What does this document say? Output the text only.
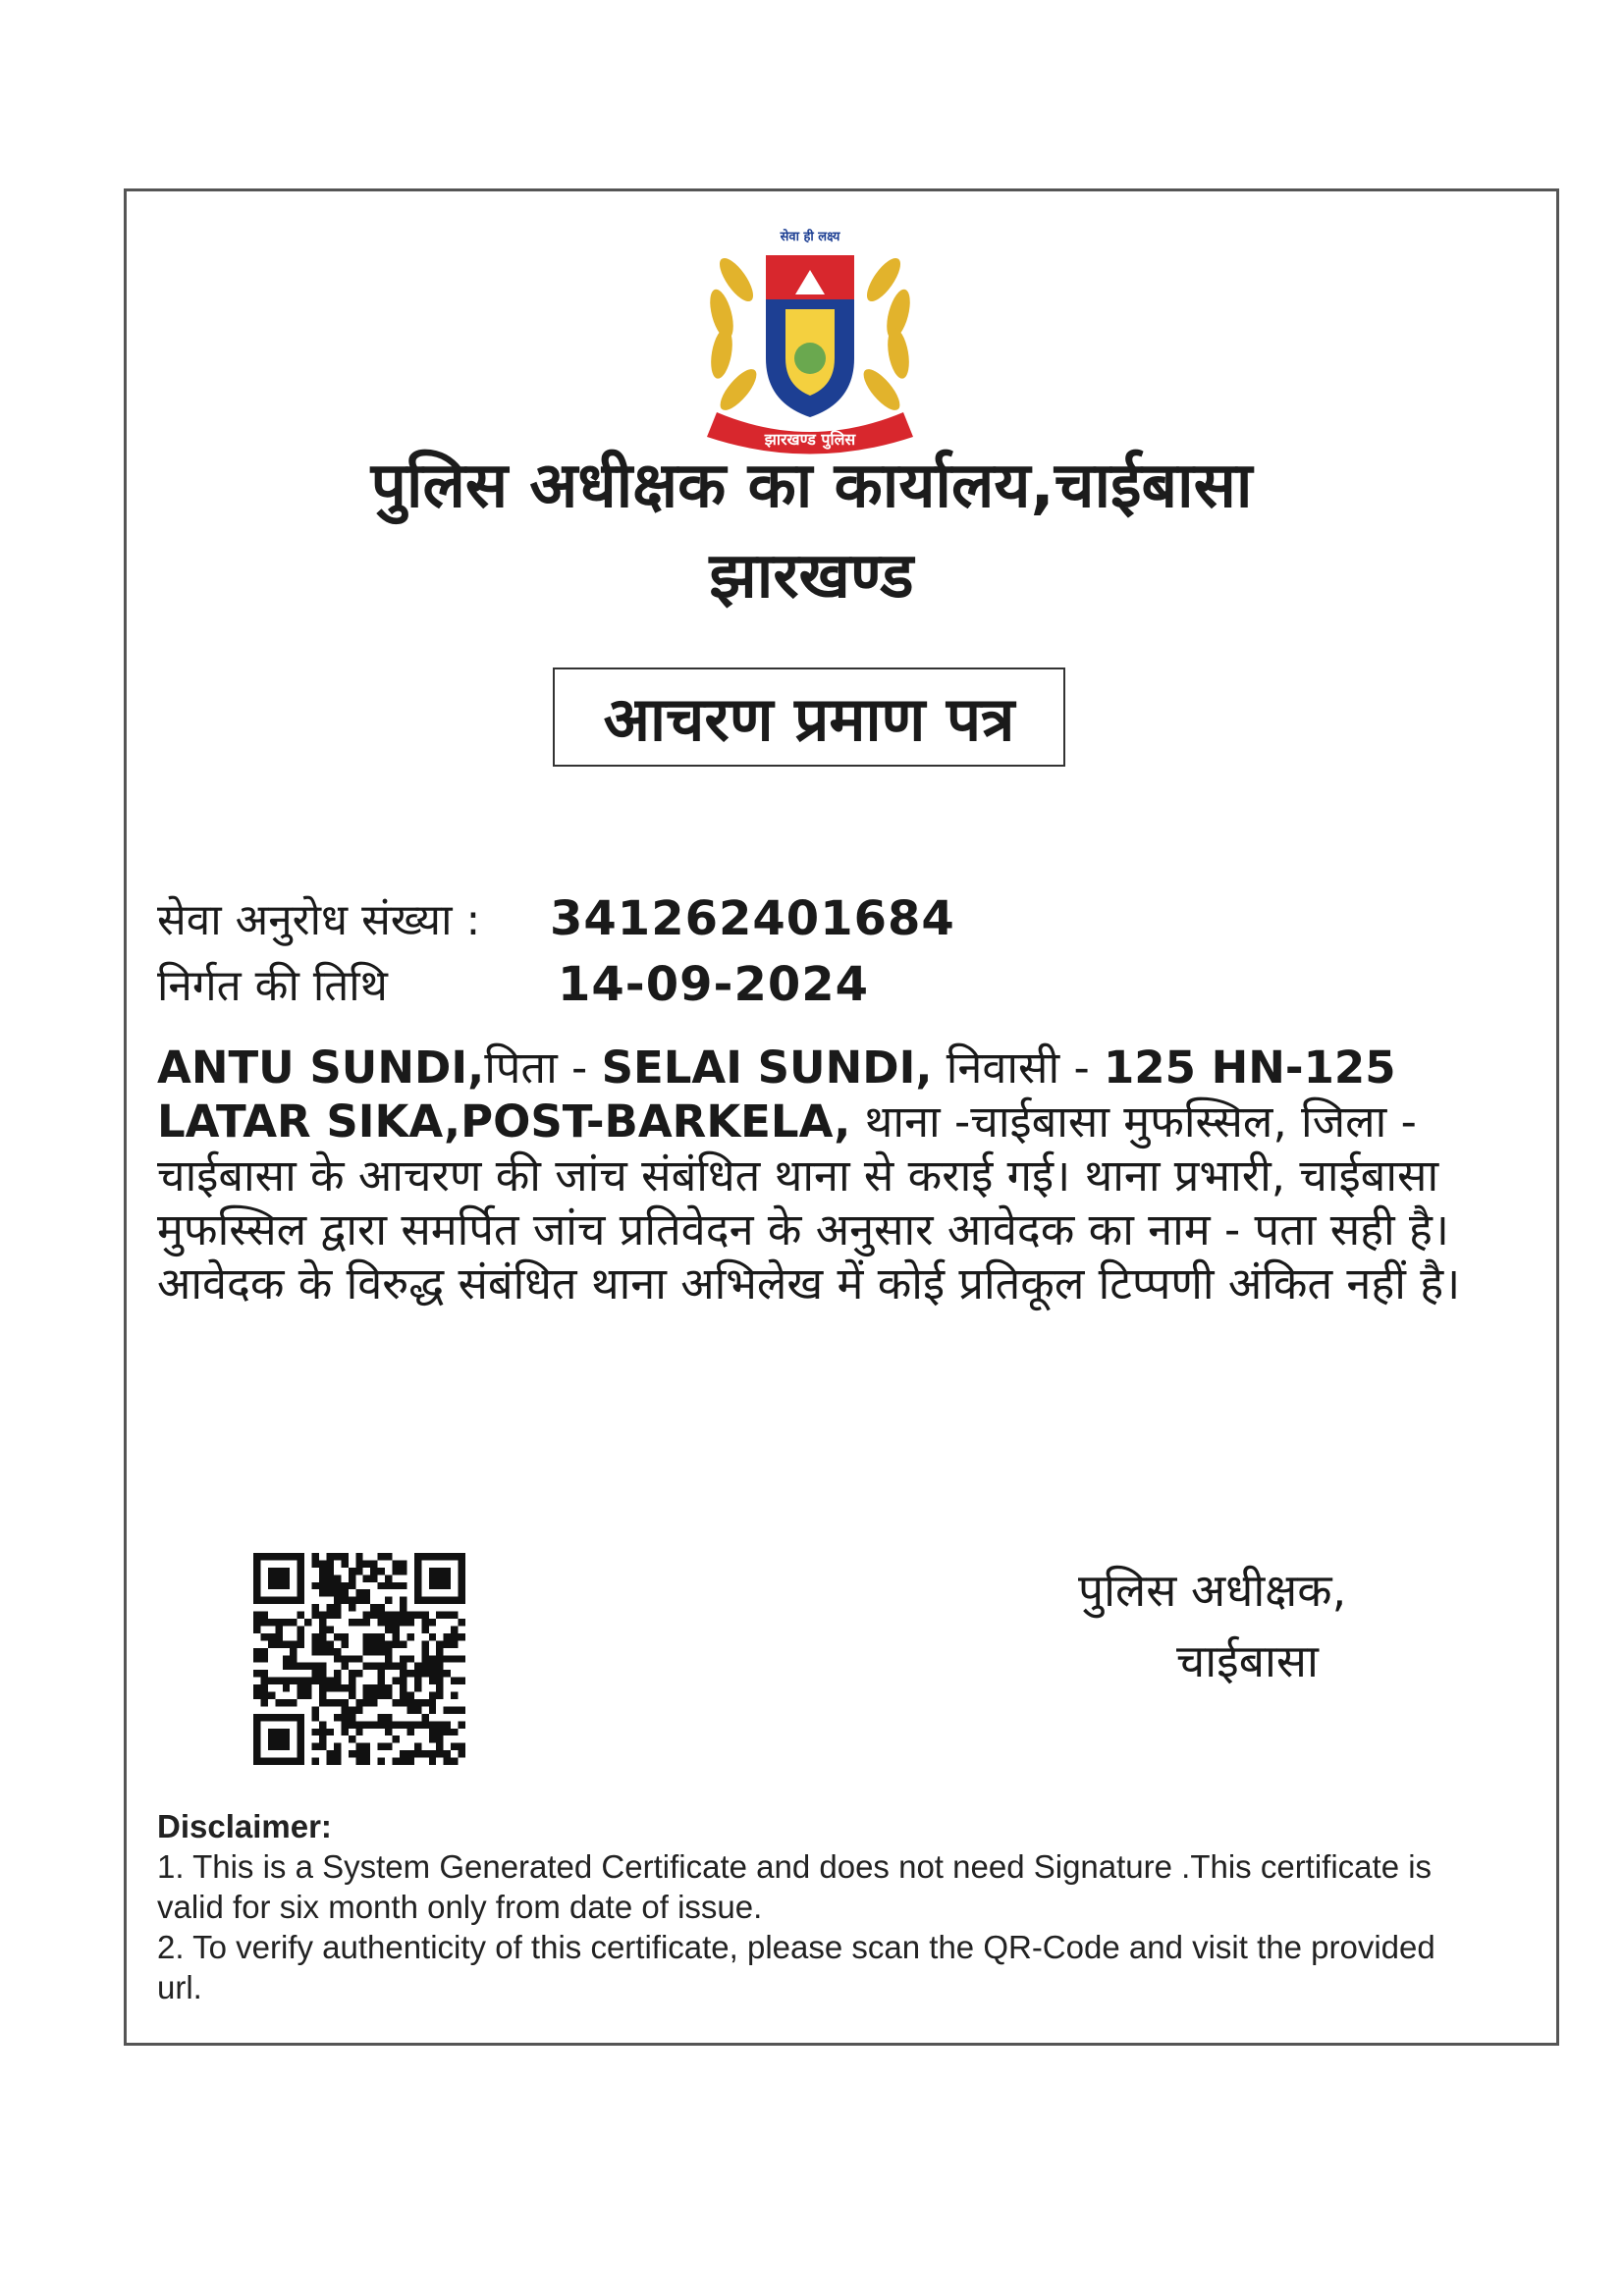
झारखण्ड पुलिस
सेवा ही लक्ष्य
पुलिस अधीक्षक का कार्यालय,चाईबासा
झारखण्ड
आचरण प्रमाण पत्र
सेवा अनुरोध संख्या : 341262401684
निर्गत की तिथि	14-09-2024
ANTU SUNDI,पिता - SELAI SUNDI, निवासी - 125 HN-125 LATAR SIKA,POST-BARKELA, थाना -चाईबासा मुफस्सिल, जिला - चाईबासा के आचरण की जांच संबंधित थाना से कराई गई। थाना प्रभारी, चाईबासा मुफस्सिल द्वारा समर्पित जांच प्रतिवेदन के अनुसार आवेदक का नाम - पता सही है। आवेदक के विरुद्ध संबंधित थाना अभिलेख में कोई प्रतिकूल टिप्पणी अंकित नहीं है।
पुलिस अधीक्षक,
चाईबासा
Disclaimer:
1. This is a System Generated Certificate and does not need Signature .This certificate is valid for six month only from date of issue.
2. To verify authenticity of this certificate, please scan the QR-Code and visit the provided url.
